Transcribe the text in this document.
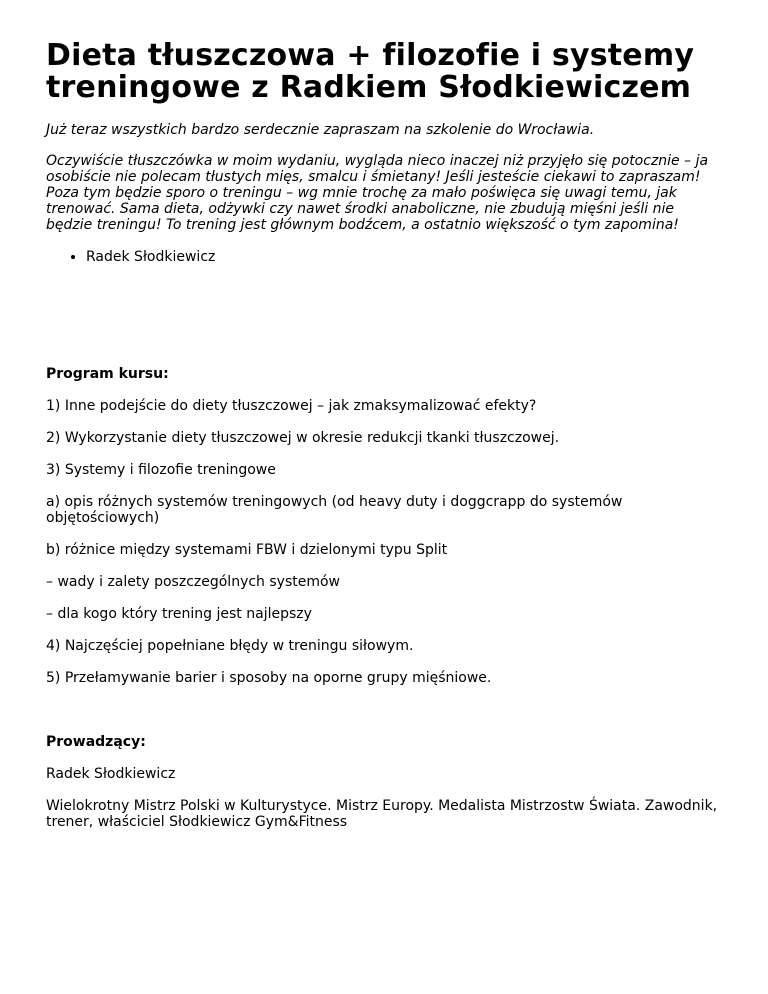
Dieta tłuszczowa + filozofie i systemy treningowe z Radkiem Słodkiewiczem

Już teraz wszystkich bardzo serdecznie zapraszam na szkolenie do Wrocławia.

Oczywiście tłuszczówka w moim wydaniu, wygląda nieco inaczej niż przyjęło się potocznie – ja osobiście nie polecam tłustych mięs, smalcu i śmietany! Jeśli jesteście ciekawi to zapraszam! Poza tym będzie sporo o treningu – wg mnie trochę za mało poświęca się uwagi temu, jak trenować. Sama dieta, odżywki czy nawet środki anaboliczne, nie zbudują mięśni jeśli nie będzie treningu! To trening jest głównym bodźcem, a ostatnio większość o tym zapomina!

• Radek Słodkiewicz

Program kursu:

1) Inne podejście do diety tłuszczowej – jak zmaksymalizować efekty?

2) Wykorzystanie diety tłuszczowej w okresie redukcji tkanki tłuszczowej.

3) Systemy i filozofie treningowe

a) opis różnych systemów treningowych (od heavy duty i doggcrapp do systemów objętościowych)

b) różnice między systemami FBW i dzielonymi typu Split

– wady i zalety poszczególnych systemów

– dla kogo który trening jest najlepszy

4) Najczęściej popełniane błędy w treningu siłowym.

5) Przełamywanie barier i sposoby na oporne grupy mięśniowe.

Prowadzący:

Radek Słodkiewicz

Wielokrotny Mistrz Polski w Kulturystyce. Mistrz Europy. Medalista Mistrzostw Świata. Zawodnik, trener, właściciel Słodkiewicz Gym&Fitness
